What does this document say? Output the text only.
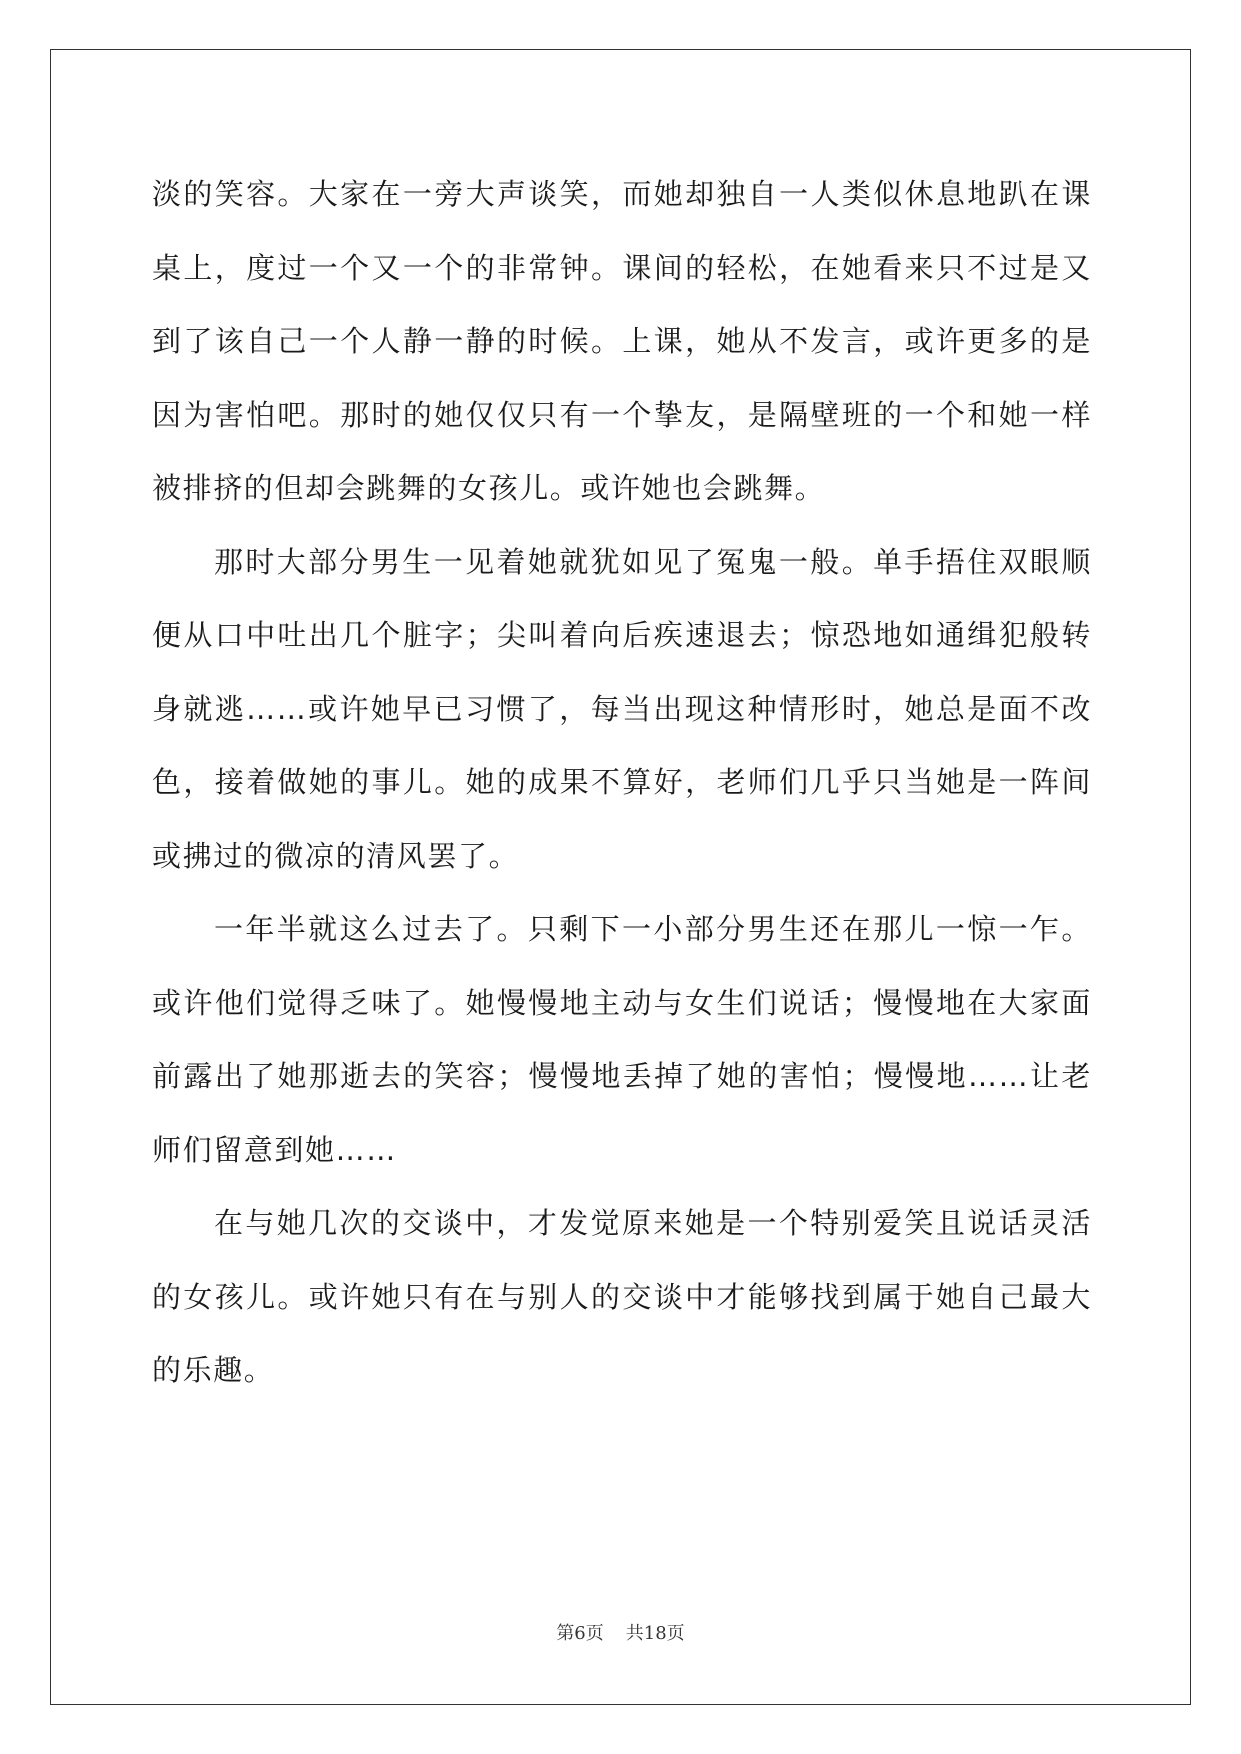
淡的笑容。大家在一旁大声谈笑，而她却独自一人类似休息地趴在课桌上，度过一个又一个的非常钟。课间的轻松，在她看来只不过是又到了该自己一个人静一静的时候。上课，她从不发言，或许更多的是因为害怕吧。那时的她仅仅只有一个挚友，是隔壁班的一个和她一样被排挤的但却会跳舞的女孩儿。或许她也会跳舞。

那时大部分男生一见着她就犹如见了冤鬼一般。单手捂住双眼顺便从口中吐出几个脏字；尖叫着向后疾速退去；惊恐地如通缉犯般转身就逃……或许她早已习惯了，每当出现这种情形时，她总是面不改色，接着做她的事儿。她的成果不算好，老师们几乎只当她是一阵间或拂过的微凉的清风罢了。

一年半就这么过去了。只剩下一小部分男生还在那儿一惊一乍。或许他们觉得乏味了。她慢慢地主动与女生们说话；慢慢地在大家面前露出了她那逝去的笑容；慢慢地丢掉了她的害怕；慢慢地……让老师们留意到她……

在与她几次的交谈中，才发觉原来她是一个特别爱笑且说话灵活的女孩儿。或许她只有在与别人的交谈中才能够找到属于她自己最大的乐趣。

第6页 共18页
